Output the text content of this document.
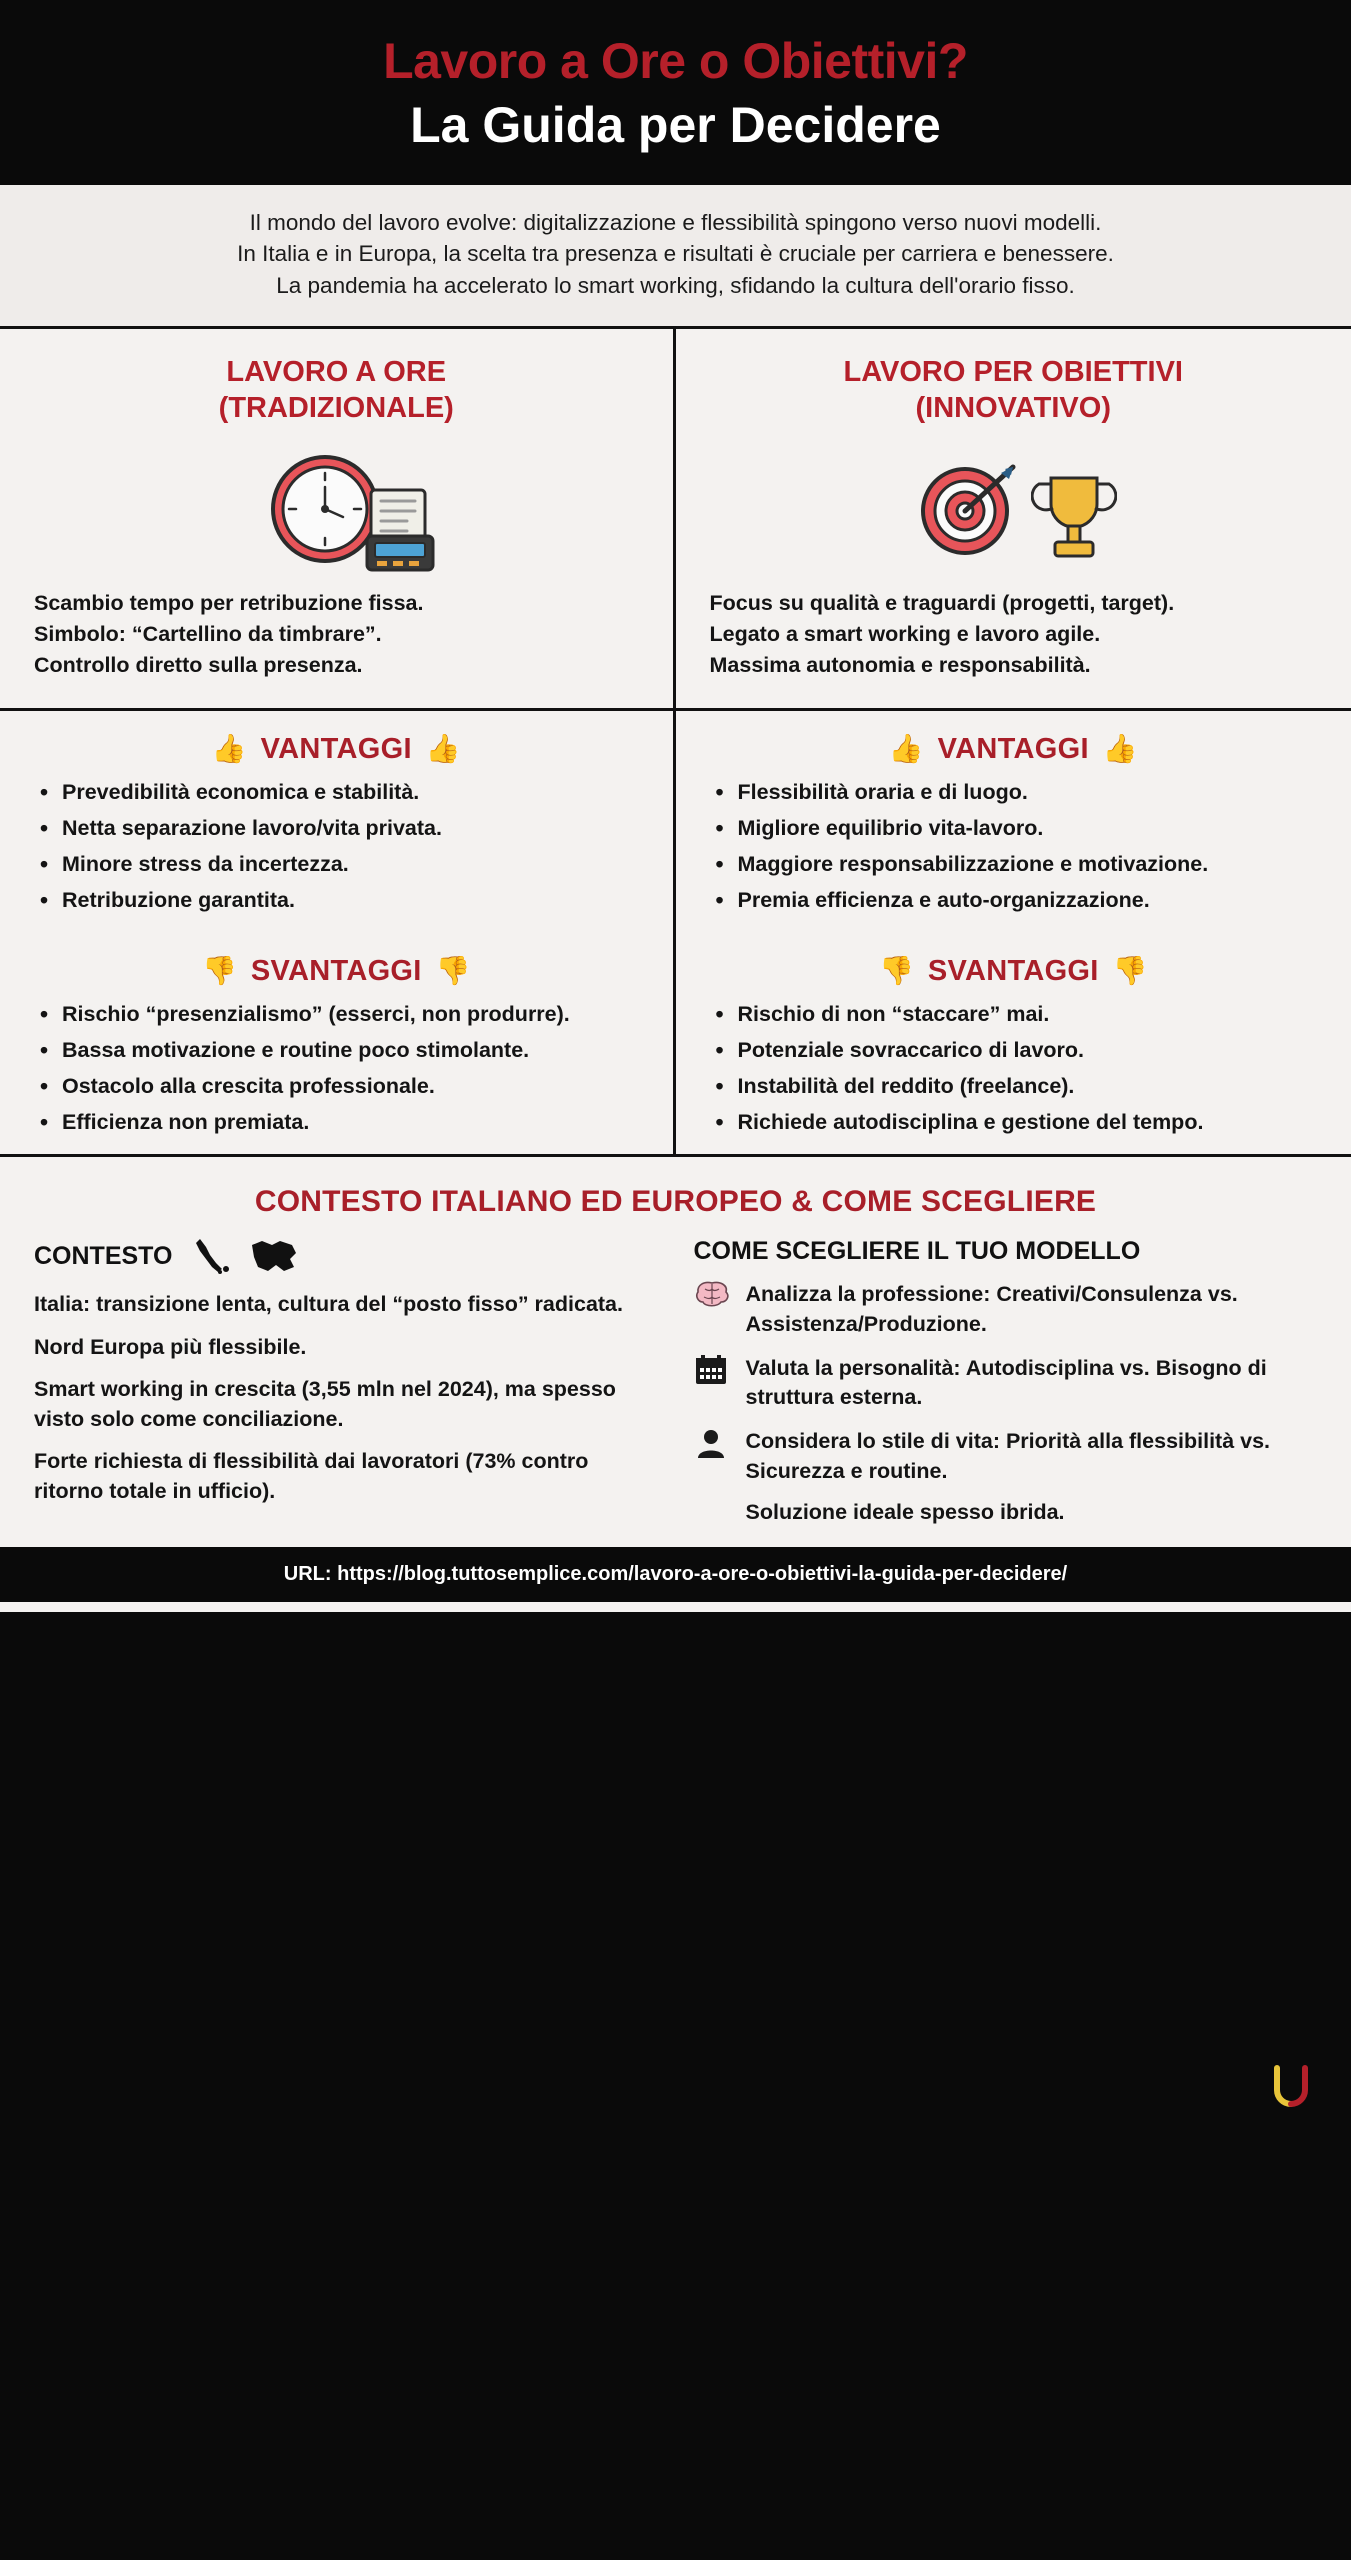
Lavoro a Ore o Obiettivi?
La Guida per Decidere

Il mondo del lavoro evolve: digitalizzazione e flessibilità spingono verso nuovi modelli.

In Italia e in Europa, la scelta tra presenza e risultati è cruciale per carriera e benessere.

La pandemia ha accelerato lo smart working, sfidando la cultura dell'orario fisso.

LAVORO A ORE
(TRADIZIONALE)
Scambio tempo per retribuzione fissa.
Simbolo: “Cartellino da timbrare”.
Controllo diretto sulla presenza.
👍 VANTAGGI 👍
• Prevedibilità economica e stabilità.
• Netta separazione lavoro/vita privata.
• Minore stress da incertezza.
• Retribuzione garantita.
👎 SVANTAGGI 👎
• Rischio “presenzialismo” (esserci, non produrre).
• Bassa motivazione e routine poco stimolante.
• Ostacolo alla crescita professionale.
• Efficienza non premiata.
LAVORO PER OBIETTIVI
(INNOVATIVO)
Focus su qualità e traguardi (progetti, target).
Legato a smart working e lavoro agile.
Massima autonomia e responsabilità.
👍 VANTAGGI 👍
• Flessibilità oraria e di luogo.
• Migliore equilibrio vita-lavoro.
• Maggiore responsabilizzazione e motivazione.
• Premia efficienza e auto-organizzazione.
👎 SVANTAGGI 👎
• Rischio di non “staccare” mai.
• Potenziale sovraccarico di lavoro.
• Instabilità del reddito (freelance).
• Richiede autodisciplina e gestione del tempo.
CONTESTO ITALIANO ED EUROPEO & COME SCEGLIERE
CONTESTO

Italia: transizione lenta, cultura del “posto fisso” radicata.

Nord Europa più flessibile.

Smart working in crescita (3,55 mln nel 2024), ma spesso visto solo come conciliazione.

Forte richiesta di flessibilità dai lavoratori (73% contro ritorno totale in ufficio).

COME SCEGLIERE IL TUO MODELLO
Analizza la professione: Creativi/Consulenza vs. Assistenza/Produzione.
Valuta la personalità: Autodisciplina vs. Bisogno di struttura esterna.
Considera lo stile di vita: Priorità alla flessibilità vs. Sicurezza e routine.
Soluzione ideale spesso ibrida.
URL: https://blog.tuttosemplice.com/lavoro-a-ore-o-obiettivi-la-guida-per-decidere/
